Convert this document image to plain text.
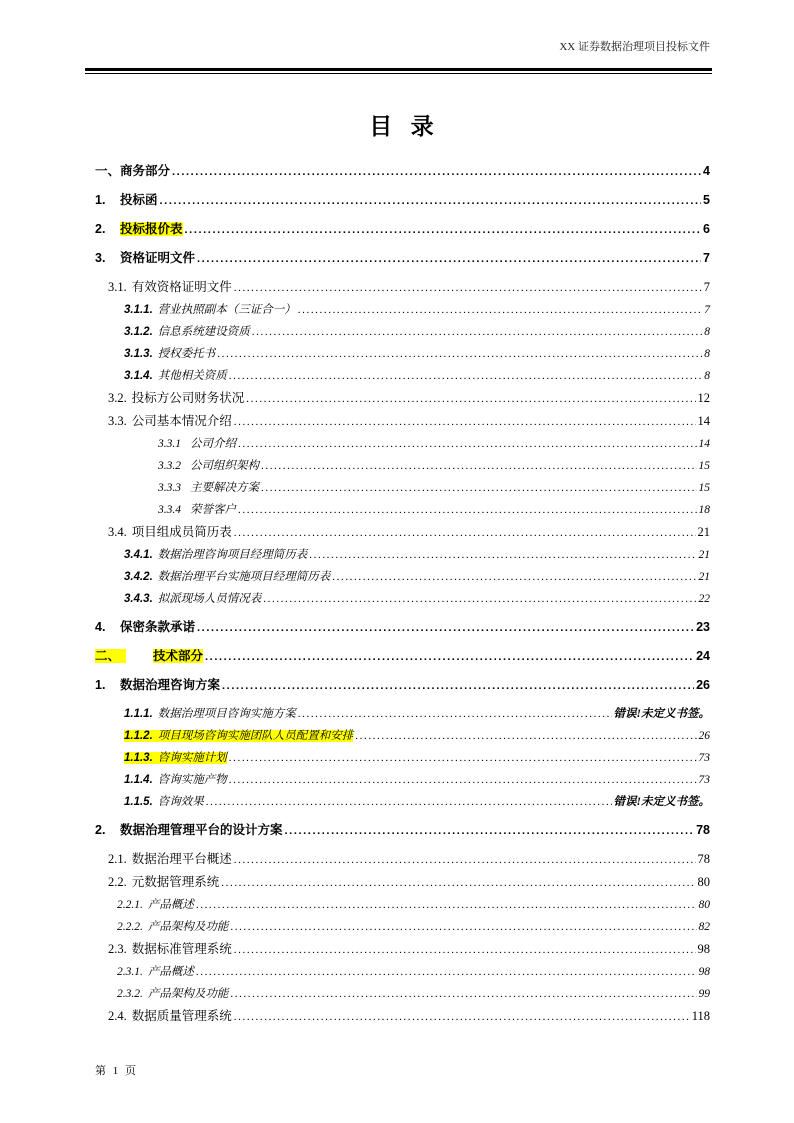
XX 证券数据治理项目投标文件
目 录
一、 商务部分 .....	4
1.	投标函 .....	5
2.	投标报价表 .....	6
3.	资格证明文件 .....	7
3.1. 有效资格证明文件 .....	7
3.1.1. 营业执照副本（三证合一） .....	7
3.1.2. 信息系统建设资质 .....	8
3.1.3. 授权委托书 .....	8
3.1.4. 其他相关资质 .....	8
3.2. 投标方公司财务状况 .....	12
3.3. 公司基本情况介绍 .....	14
3.3.1 公司介绍 .....	14
3.3.2 公司组织架构 .....	15
3.3.3 主要解决方案 .....	15
3.3.4 荣誉客户 .....	18
3.4. 项目组成员简历表 .....	21
3.4.1. 数据治理咨询项目经理简历表 .....	21
3.4.2. 数据治理平台实施项目经理简历表 .....	21
3.4.3. 拟派现场人员情况表 .....	22
4.	保密条款承诺 .....	23
二、	技术部分 .....	24
1.	数据治理咨询方案 .....	26
1.1.1. 数据治理项目咨询实施方案 .....	错误!未定义书签。
1.1.2. 项目现场咨询实施团队人员配置和安排 .....	26
1.1.3. 咨询实施计划 .....	73
1.1.4. 咨询实施产物 .....	73
1.1.5. 咨询效果 .....	错误!未定义书签。
2.	数据治理管理平台的设计方案 .....	78
2.1. 数据治理平台概述 .....	78
2.2. 元数据管理系统 .....	80
2.2.1. 产品概述 .....	80
2.2.2. 产品架构及功能 .....	82
2.3. 数据标准管理系统 .....	98
2.3.1. 产品概述 .....	98
2.3.2. 产品架构及功能 .....	99
2.4. 数据质量管理系统 .....	118
第 1 页
